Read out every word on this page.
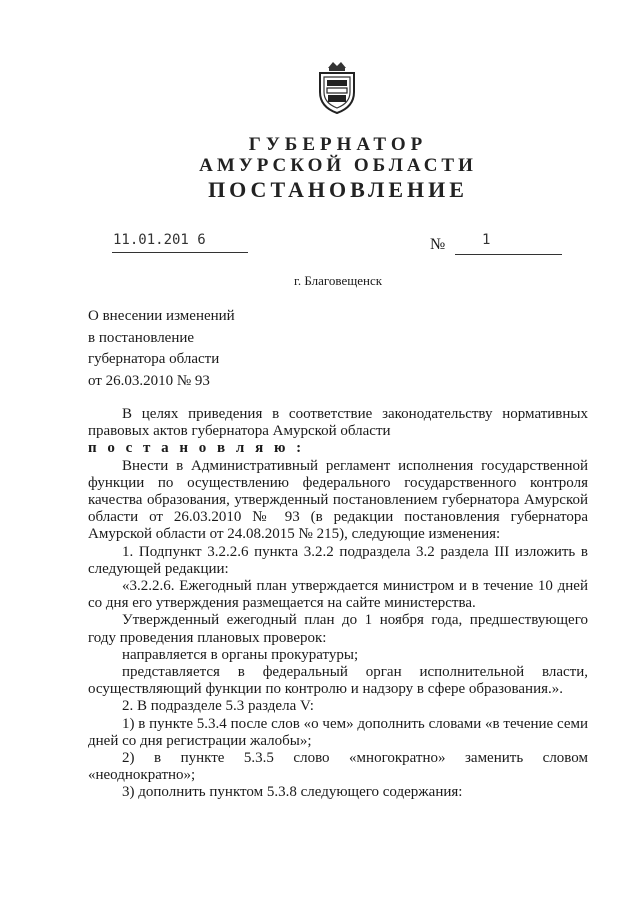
ГУБЕРНАТОР
АМУРСКОЙ ОБЛАСТИ
ПОСТАНОВЛЕНИЕ
11.01.201 6	№	1
г. Благовещенск
О внесении изменений
в постановление
губернатора области
от 26.03.2010 № 93

В целях приведения в соответствие законодательству нормативных правовых актов губернатора Амурской области

п о с т а н о в л я ю :

Внести в Административный регламент исполнения государственной функции по осуществлению федерального государственного контроля качества образования, утвержденный постановлением губернатора Амурской области от 26.03.2010 № 93 (в редакции постановления губернатора Амурской области от 24.08.2015 № 215), следующие изменения:

1. Подпункт 3.2.2.6 пункта 3.2.2 подраздела 3.2 раздела III изложить в следующей редакции:

«3.2.2.6. Ежегодный план утверждается министром и в течение 10 дней со дня его утверждения размещается на сайте министерства.

Утвержденный ежегодный план до 1 ноября года, предшествующего году проведения плановых проверок:

направляется в органы прокуратуры;

представляется в федеральный орган исполнительной власти, осуществляющий функции по контролю и надзору в сфере образования.».

2. В подразделе 5.3 раздела V:

1) в пункте 5.3.4 после слов «о чем» дополнить словами «в течение семи дней со дня регистрации жалобы»;

2) в пункте 5.3.5 слово «многократно» заменить словом «неоднократно»;

3) дополнить пунктом 5.3.8 следующего содержания:
